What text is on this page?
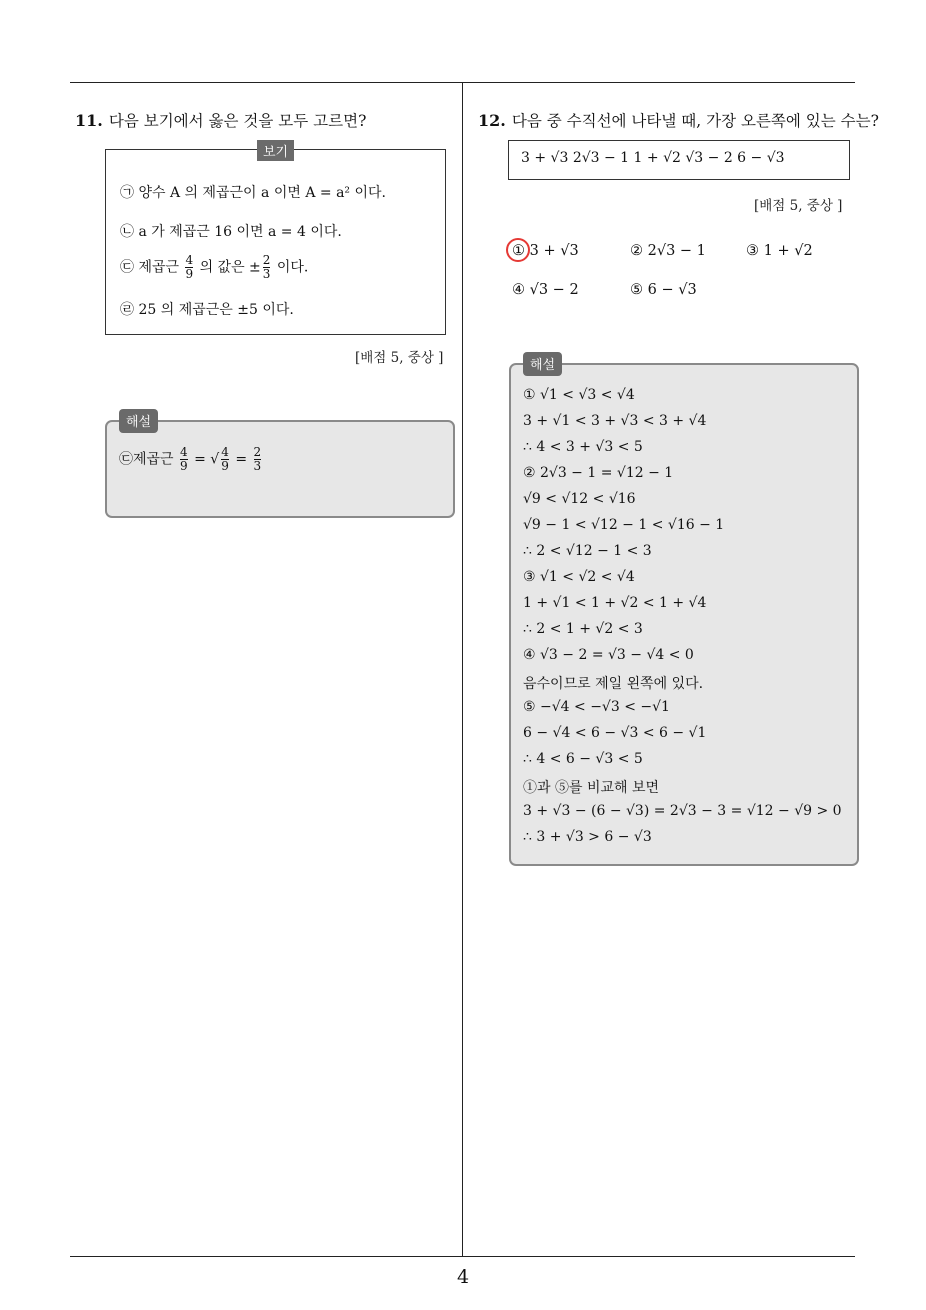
4
11. 다음 보기에서 옳은 것을 모두 고르면?
보기
㉠ 양수 A 의 제곱근이 a 이면 A = a² 이다.
㉡ a 가 제곱근 16 이면 a = 4 이다.
㉢ 제곱근 $\frac{4}{9}$ 의 값은 ± $\frac{2}{3}$ 이다.
㉣ 25 의 제곱근은 ±5 이다.
[배점 5, 중상 ]
해설
㉢제곱근 $\frac{4}{9}$ = √ $\frac{4}{9} = \frac{2}{3}$
12. 다음 중 수직선에 나타낼 때, 가장 오른쪽에 있는 수는?
3 + √3 2√3 − 1 1 + √2 √3 − 2 6 − √3
[배점 5, 중상 ]
① 3 + √3	② 2√3 − 1	③ 1 + √2
④ √3 − 2	⑤ 6 − √3
해설
① √1 < √3 < √4
3 + √1 < 3 + √3 < 3 + √4
∴ 4 < 3 + √3 < 5
② 2√3 − 1 = √12 − 1
√9 < √12 < √16
√9 − 1 < √12 − 1 < √16 − 1
∴ 2 < √12 − 1 < 3
③ √1 < √2 < √4
1 + √1 < 1 + √2 < 1 + √4
∴ 2 < 1 + √2 < 3
④ √3 − 2 = √3 − √4 < 0
음수이므로 제일 왼쪽에 있다.
⑤ −√4 < −√3 < −√1
6 − √4 < 6 − √3 < 6 − √1
∴ 4 < 6 − √3 < 5
①과 ⑤를 비교해 보면
3 + √3 − (6 − √3) = 2√3 − 3 = √12 − √9 > 0
∴ 3 + √3 > 6 − √3
